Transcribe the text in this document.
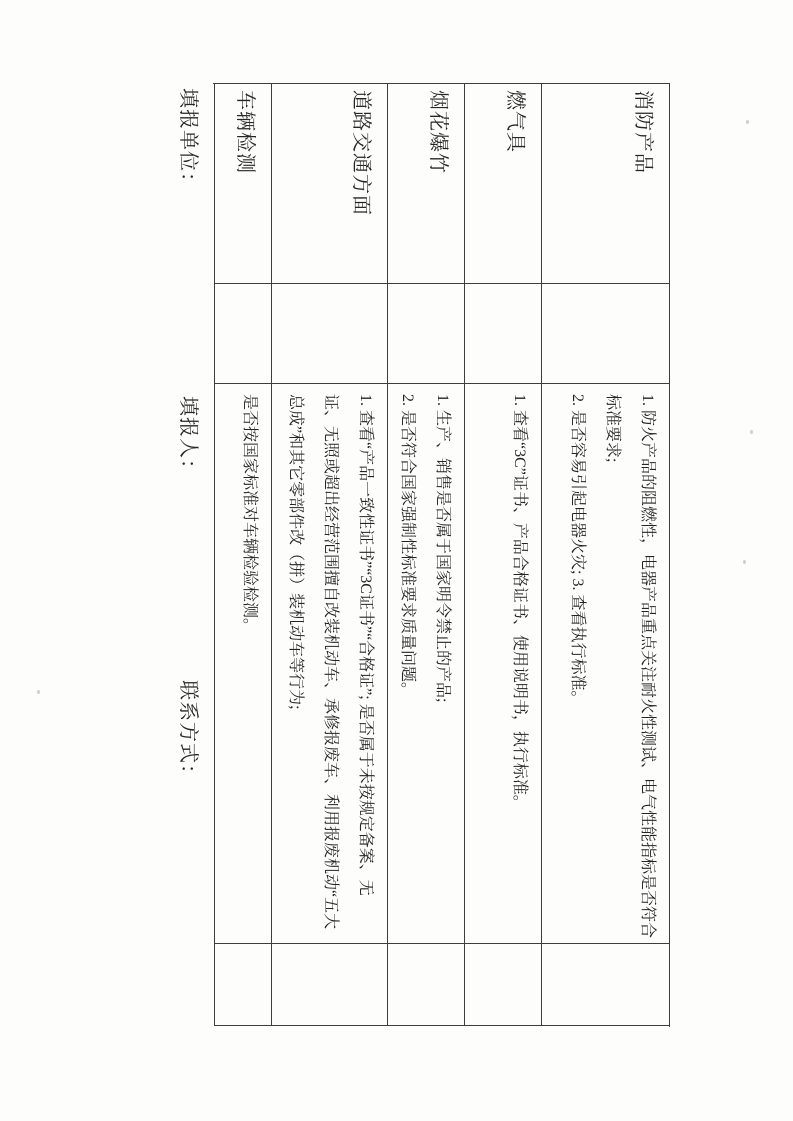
消防产品
1. 防火产品的阻燃性，电器产品重点关注耐火性测试、电气性能指标是否符合
标准要求;
2. 是否容易引起电器火灾; 3. 查看执行标准。
燃气具
1. 查看“3C”证书、产品合格证书、使用说明书，执行标准。
烟花爆竹
1. 生产、销售是否属于国家明令禁止的产品;
2. 是否符合国家强制性标准要求质量问题。
道路交通方面
1. 查看“产品一致性证书”“3C证书”“合格证”; 是否属于未按规定备案、无
证、无照或超出经营范围擅自改装机动车、承修报废车、利用报废机动“五大
总成”和其它零部件改（拼）装机动车等行为;
车辆检测
是否按国家标准对车辆检验检测。
填报单位：
填报人：
联系方式：
